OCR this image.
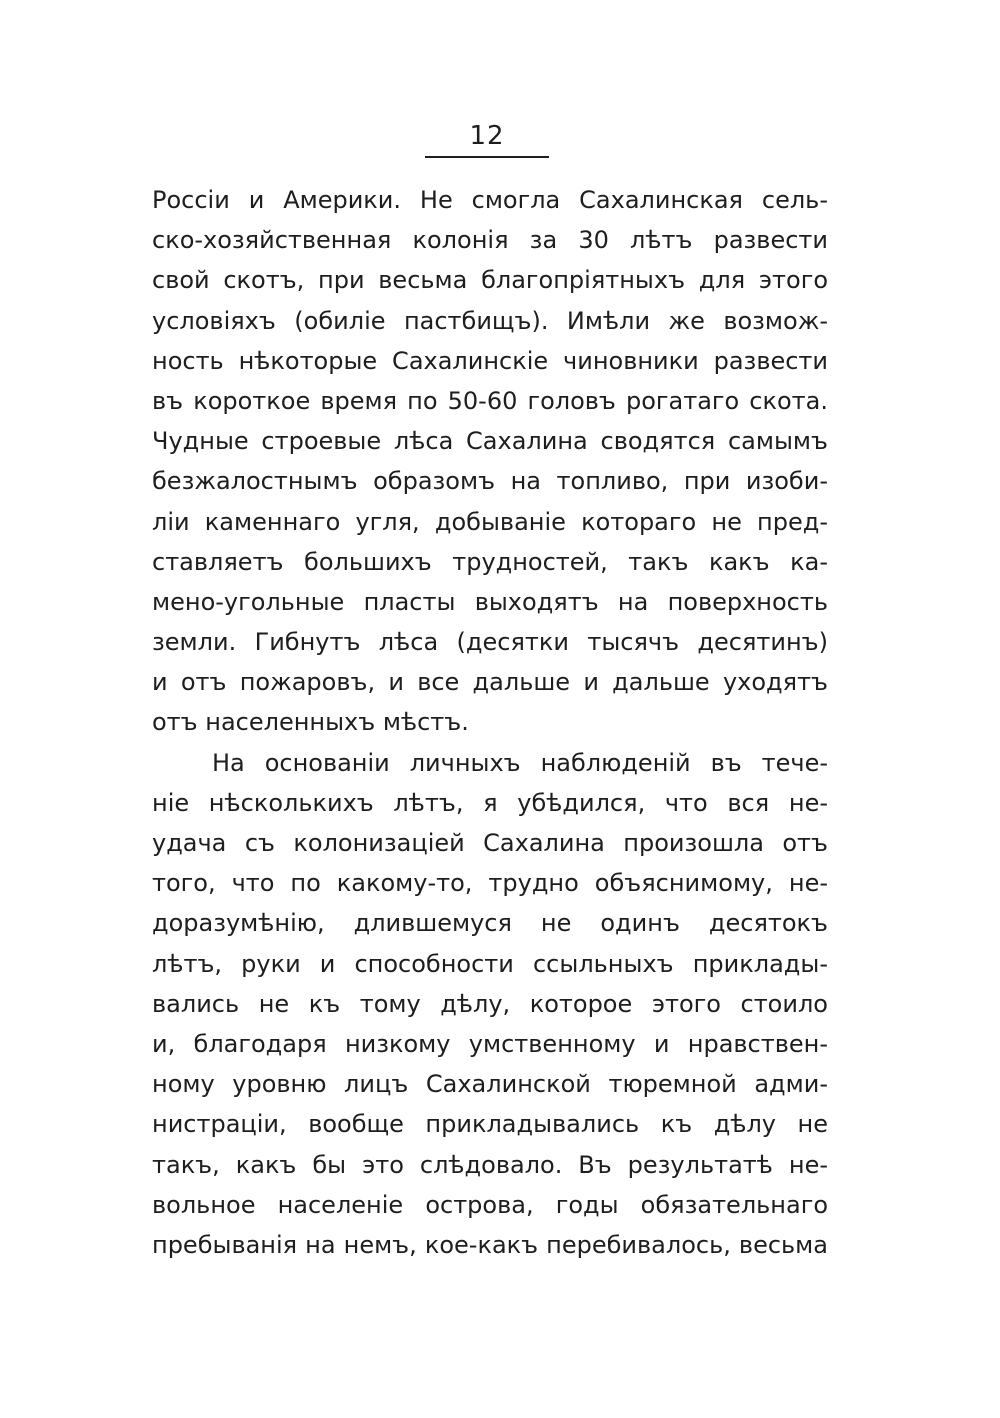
12
Россiи и Америки. Не смогла Сахалинская сель-
ско-хозяйственная колонiя за 30 лѣтъ развести
свой скотъ, при весьма благопрiятныхъ для этого
условiяхъ (обилiе пастбищъ). Имѣли же возмож-
ность нѣкоторые Сахалинскiе чиновники развести
въ короткое время по 50-60 головъ рогатаго скота.
Чудные строевые лѣса Сахалина сводятся самымъ
безжалостнымъ образомъ на топливо, при изоби-
лiи каменнаго угля, добыванiе котораго не пред-
ставляетъ большихъ трудностей, такъ какъ ка-
мено-угольные пласты выходятъ на поверхность
земли. Гибнутъ лѣса (десятки тысячъ десятинъ)
и отъ пожаровъ, и все дальше и дальше уходятъ
отъ населенныхъ мѣстъ.
На основанiи личныхъ наблюденiй въ тече-
нiе нѣсколькихъ лѣтъ, я убѣдился, что вся не-
удача съ колонизацiей Сахалина произошла отъ
того, что по какому-то, трудно объяснимому, не-
доразумѣнiю, длившемуся не одинъ десятокъ
лѣтъ, руки и способности ссыльныхъ приклады-
вались не къ тому дѣлу, которое этого стоило
и, благодаря низкому умственному и нравствен-
ному уровню лицъ Сахалинской тюремной адми-
нистрацiи, вообще прикладывались къ дѣлу не
такъ, какъ бы это слѣдовало. Въ результатѣ не-
вольное населенiе острова, годы обязательнаго
пребыванiя на немъ, кое-какъ перебивалось, весьма
